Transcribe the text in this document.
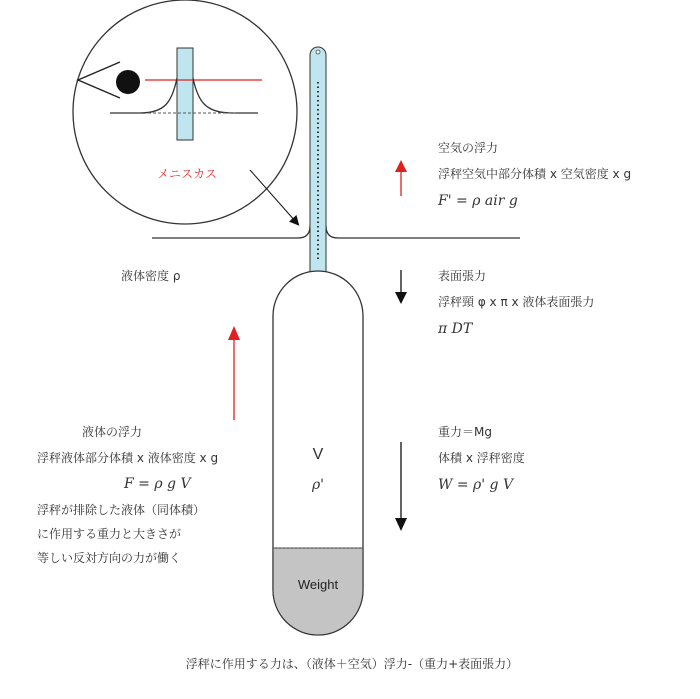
メニスカス
Weight
V
ρ'
空気の浮力
浮秤空気中部分体積 x 空気密度 x g
F' = ρ air g
液体密度 ρ	表面張力
浮秤頸 φ x π x 液体表面張力
π DT
液体の浮力
浮秤液体部分体積 x 液体密度 x g
F = ρ g V
浮秤が排除した液体（同体積）
に作用する重力と大きさが
等しい反対方向の力が働く
重力＝Mg
体積 x 浮秤密度
W = ρ' g V
浮秤に作用する力は、（液体＋空気）浮力-（重力+表面張力）
